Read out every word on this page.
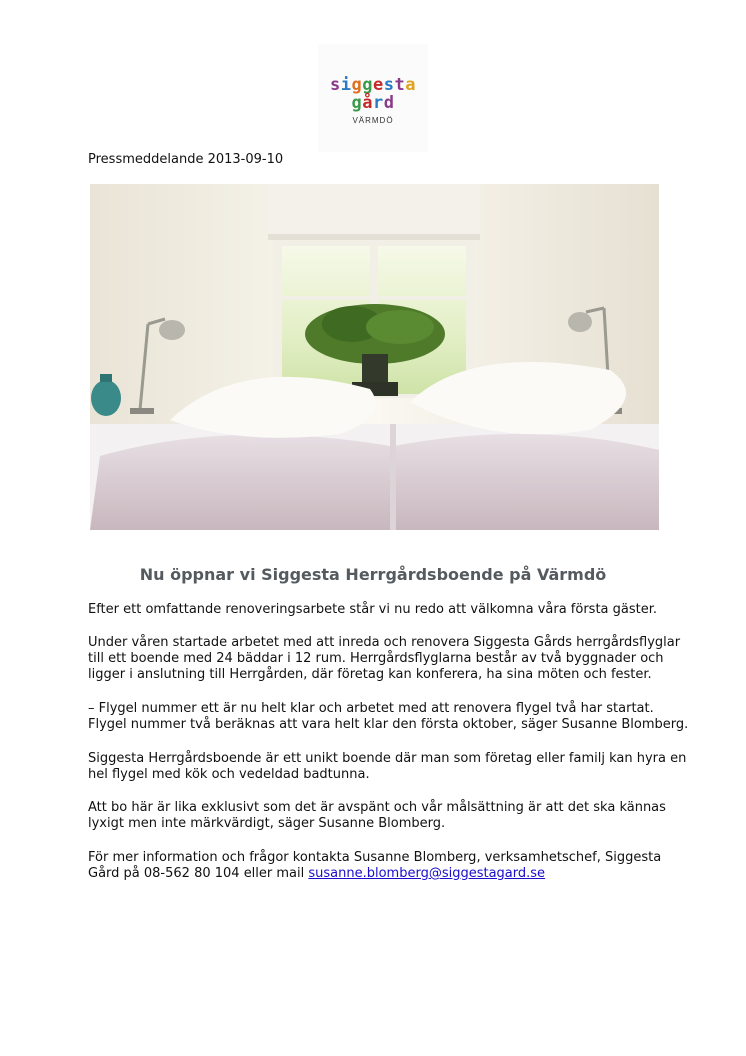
siggesta
gård
VÄRMDÖ
Pressmeddelande 2013-09-10
Nu öppnar vi Siggesta Herrgårdsboende på Värmdö
Efter ett omfattande renoveringsarbete står vi nu redo att välkomna våra första gäster.
Under våren startade arbetet med att inreda och renovera Siggesta Gårds herrgårdsflyglar
till ett boende med 24 bäddar i 12 rum. Herrgårdsflyglarna består av två byggnader och
ligger i anslutning till Herrgården, där företag kan konferera, ha sina möten och fester.
– Flygel nummer ett är nu helt klar och arbetet med att renovera flygel två har startat.
Flygel nummer två beräknas att vara helt klar den första oktober, säger Susanne Blomberg.
Siggesta Herrgårdsboende är ett unikt boende där man som företag eller familj kan hyra en
hel flygel med kök och vedeldad badtunna.
Att bo här är lika exklusivt som det är avspänt och vår målsättning är att det ska kännas
lyxigt men inte märkvärdigt, säger Susanne Blomberg.
För mer information och frågor kontakta Susanne Blomberg, verksamhetschef, Siggesta
Gård på 08-562 80 104 eller mail susanne.blomberg@siggestagard.se
